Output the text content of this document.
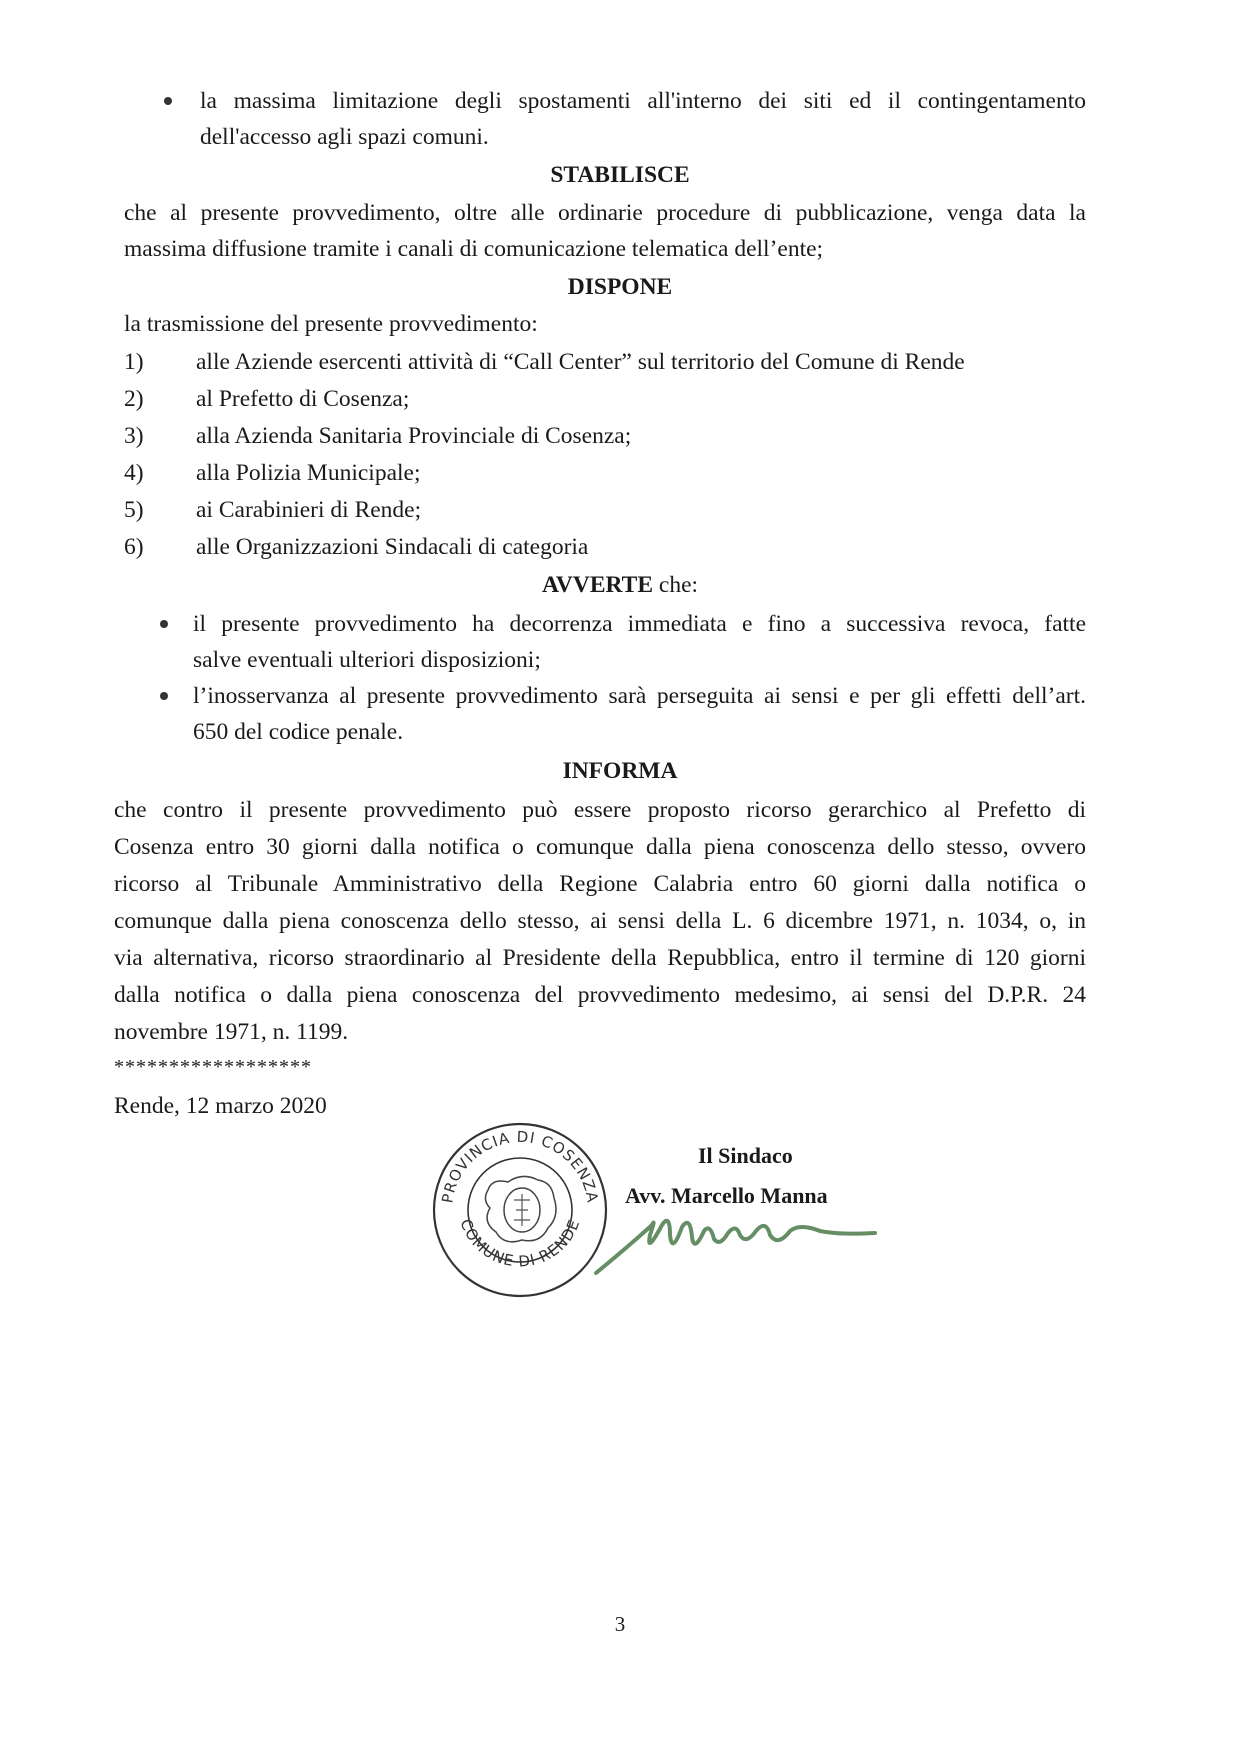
la massima limitazione degli spostamenti all'interno dei siti ed il contingentamento
dell'accesso agli spazi comuni.
STABILISCE
che al presente provvedimento, oltre alle ordinarie procedure di pubblicazione, venga data la
massima diffusione tramite i canali di comunicazione telematica dell’ente;
DISPONE
la trasmissione del presente provvedimento:
1) alle Aziende esercenti attività di “Call Center” sul territorio del Comune di Rende
2) al Prefetto di Cosenza;
3) alla Azienda Sanitaria Provinciale di Cosenza;
4) alla Polizia Municipale;
5) ai Carabinieri di Rende;
6) alle Organizzazioni Sindacali di categoria
AVVERTE che:
il presente provvedimento ha decorrenza immediata e fino a successiva revoca, fatte
salve eventuali ulteriori disposizioni;
l’inosservanza al presente provvedimento sarà perseguita ai sensi e per gli effetti dell’art.
650 del codice penale.
INFORMA
che contro il presente provvedimento può essere proposto ricorso gerarchico al Prefetto di
Cosenza entro 30 giorni dalla notifica o comunque dalla piena conoscenza dello stesso, ovvero
ricorso al Tribunale Amministrativo della Regione Calabria entro 60 giorni dalla notifica o
comunque dalla piena conoscenza dello stesso, ai sensi della L. 6 dicembre 1971, n. 1034, o, in
via alternativa, ricorso straordinario al Presidente della Repubblica, entro il termine di 120 giorni
dalla notifica o dalla piena conoscenza del provvedimento medesimo, ai sensi del D.P.R. 24
novembre 1971, n. 1199.
******************
Rende, 12 marzo 2020
PROVINCIA DI COSENZA
COMUNE DI RENDE
Il Sindaco
Avv. Marcello Manna
3
